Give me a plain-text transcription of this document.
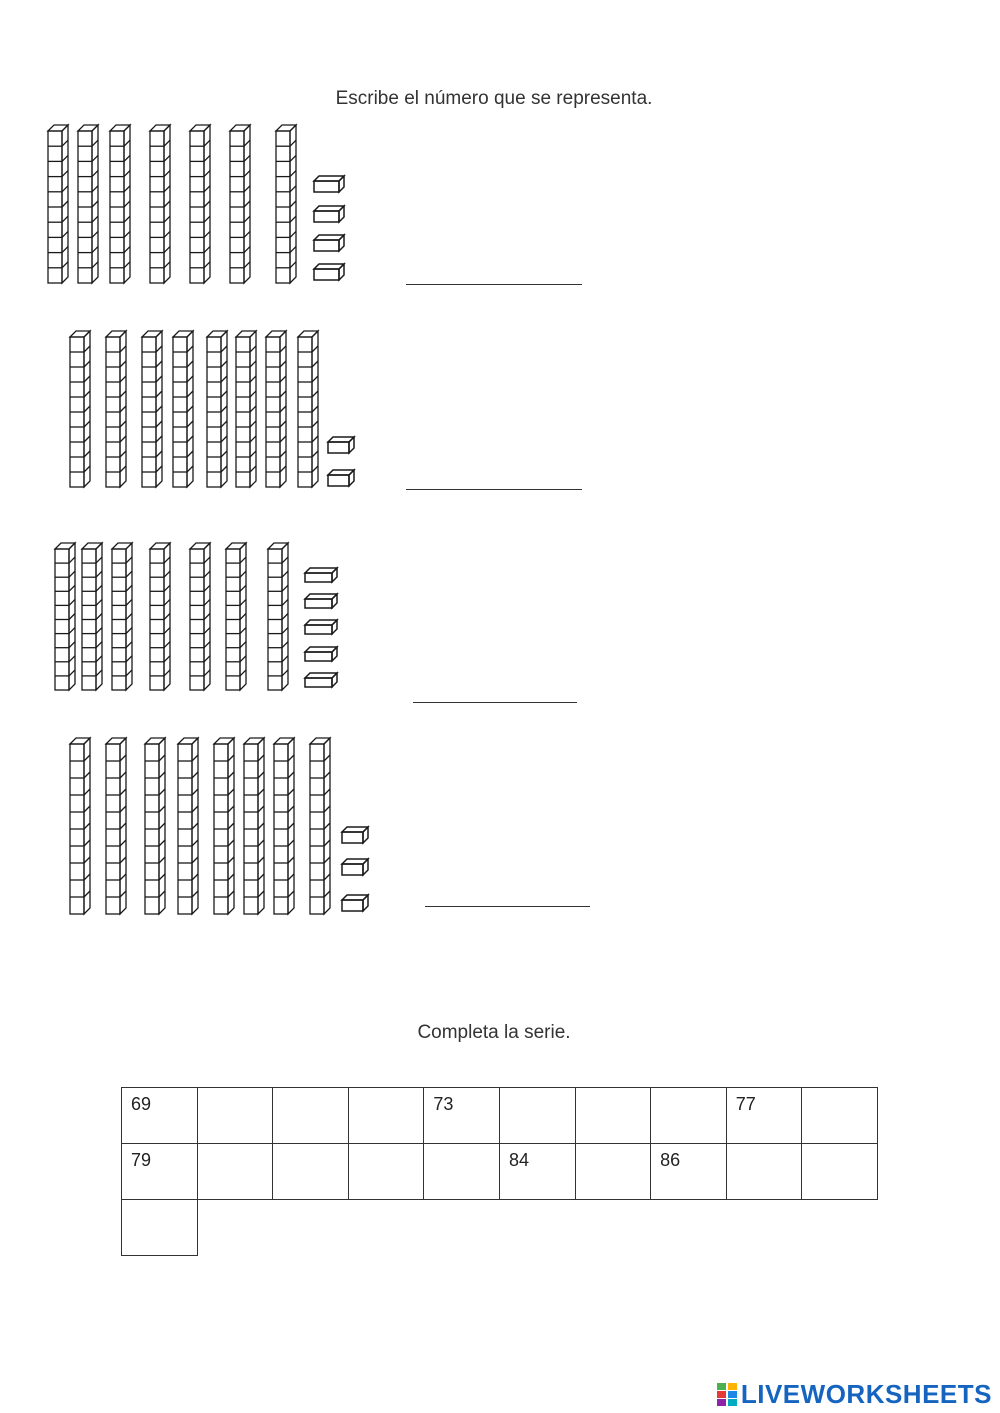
Escribe el número que se representa.
Completa la serie.
69				73				77

79					84		86

LIVEWORKSHEETS
